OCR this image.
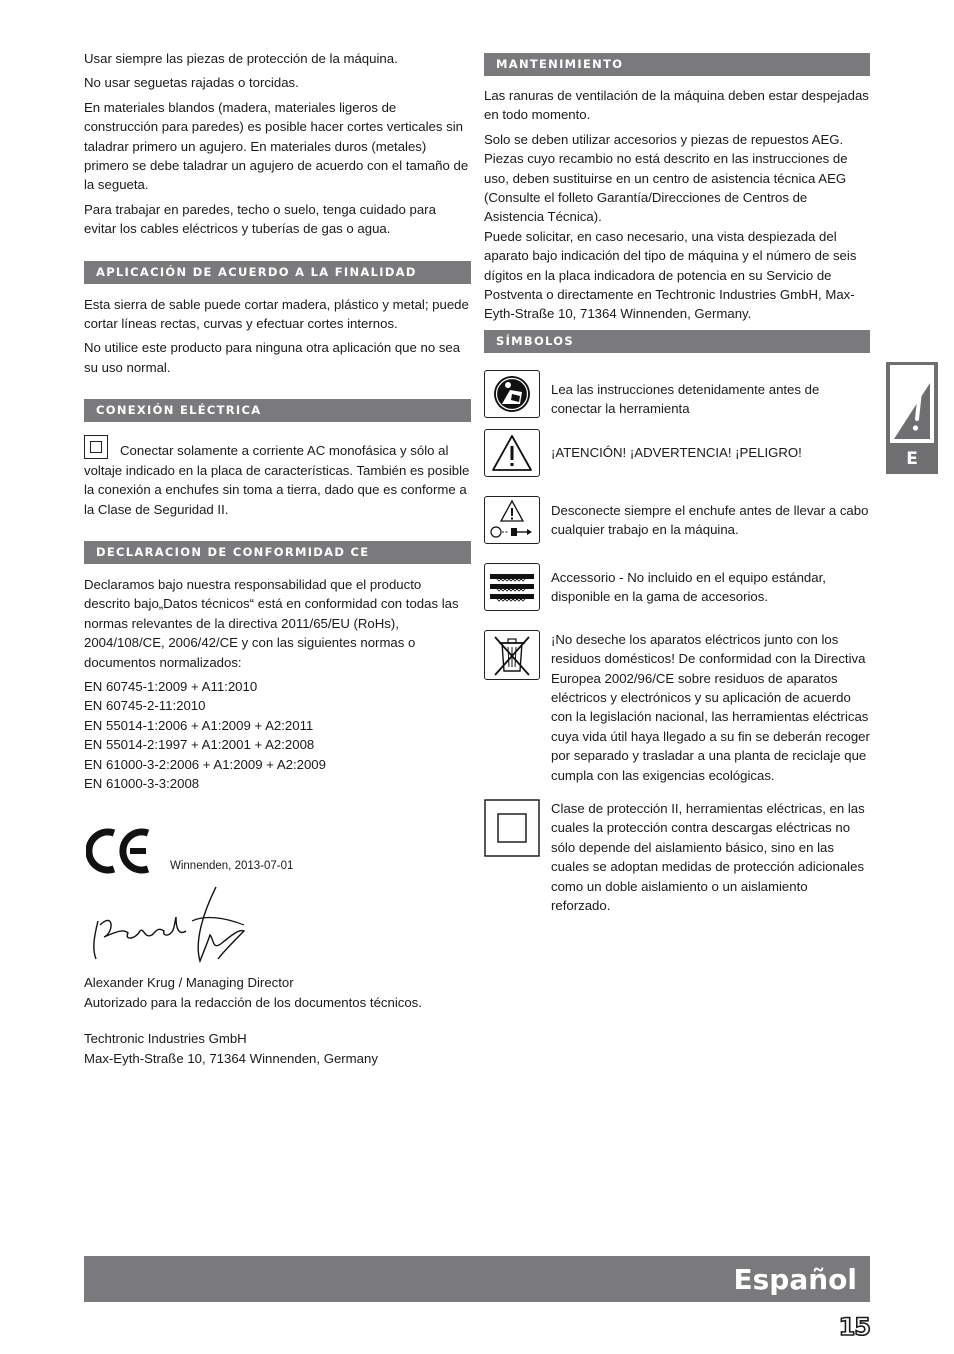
Usar siempre las piezas de protección de la máquina.

No usar seguetas rajadas o torcidas.

En materiales blandos (madera, materiales ligeros de construcción para paredes) es posible hacer cortes verticales sin taladrar primero un agujero. En materiales duros (metales) primero se debe taladrar un agujero de acuerdo con el tamaño de la segueta.

Para trabajar en paredes, techo o suelo, tenga cuidado para evitar los cables eléctricos y tuberías de gas o agua.

APLICACIÓN DE ACUERDO A LA FINALIDAD

Esta sierra de sable puede cortar madera, plástico y metal; puede cortar líneas rectas, curvas y efectuar cortes internos.

No utilice este producto para ninguna otra aplicación que no sea su uso normal.

CONEXIÓN ELÉCTRICA

Conectar solamente a corriente AC monofásica y sólo al voltaje indicado en la placa de características. También es posible la conexión a enchufes sin toma a tierra, dado que es conforme a la Clase de Seguridad II.

DECLARACION DE CONFORMIDAD CE

Declaramos bajo nuestra responsabilidad que el producto descrito bajo„Datos técnicos“ está en conformidad con todas las normas relevantes de la directiva 2011/65/EU (RoHs), 2004/108/CE, 2006/42/CE y con las siguientes normas o documentos normalizados:

EN 60745-1:2009 + A11:2010
EN 60745-2-11:2010
EN 55014-1:2006 + A1:2009 + A2:2011
EN 55014-2:1997 + A1:2001 + A2:2008
EN 61000-3-2:2006 + A1:2009 + A2:2009
EN 61000-3-3:2008
Winnenden, 2013-07-01
Alexander Krug / Managing Director
Autorizado para la redacción de los documentos técnicos.
Techtronic Industries GmbH
Max-Eyth-Straße 10, 71364 Winnenden, Germany
MANTENIMIENTO

Las ranuras de ventilación de la máquina deben estar despejadas en todo momento.

Solo se deben utilizar accesorios y piezas de repuestos AEG. Piezas cuyo recambio no está descrito en las instrucciones de uso, deben sustituirse en un centro de asistencia técnica AEG (Consulte el folleto Garantía/Direcciones de Centros de Asistencia Técnica).

Puede solicitar, en caso necesario, una vista despiezada del aparato bajo indicación del tipo de máquina y el número de seis dígitos en la placa indicadora de potencia en su Servicio de Postventa o directamente en Techtronic Industries GmbH, Max-Eyth-Straße 10, 71364 Winnenden, Germany.

SÍMBOLOS
Lea las instrucciones detenidamente antes de conectar la herramienta
¡ATENCIÓN! ¡ADVERTENCIA! ¡PELIGRO!
Desconecte siempre el enchufe antes de llevar a cabo cualquier trabajo en la máquina.
Accessorio - No incluido en el equipo estándar, disponible en la gama de accesorios.
¡No deseche los aparatos eléctricos junto con los residuos domésticos! De conformidad con la Directiva Europea 2002/96/CE sobre residuos de aparatos eléctricos y electrónicos y su aplicación de acuerdo con la legislación nacional, las herramientas eléctricas cuya vida útil haya llegado a su fin se deberán recoger por separado y trasladar a una planta de reciclaje que cumpla con las exigencias ecológicas.
Clase de protección II, herramientas eléctricas, en las cuales la protección contra descargas eléctricas no sólo depende del aislamiento básico, sino en las cuales se adoptan medidas de protección adicionales como un doble aislamiento o un aislamiento reforzado.
E
Español
15
